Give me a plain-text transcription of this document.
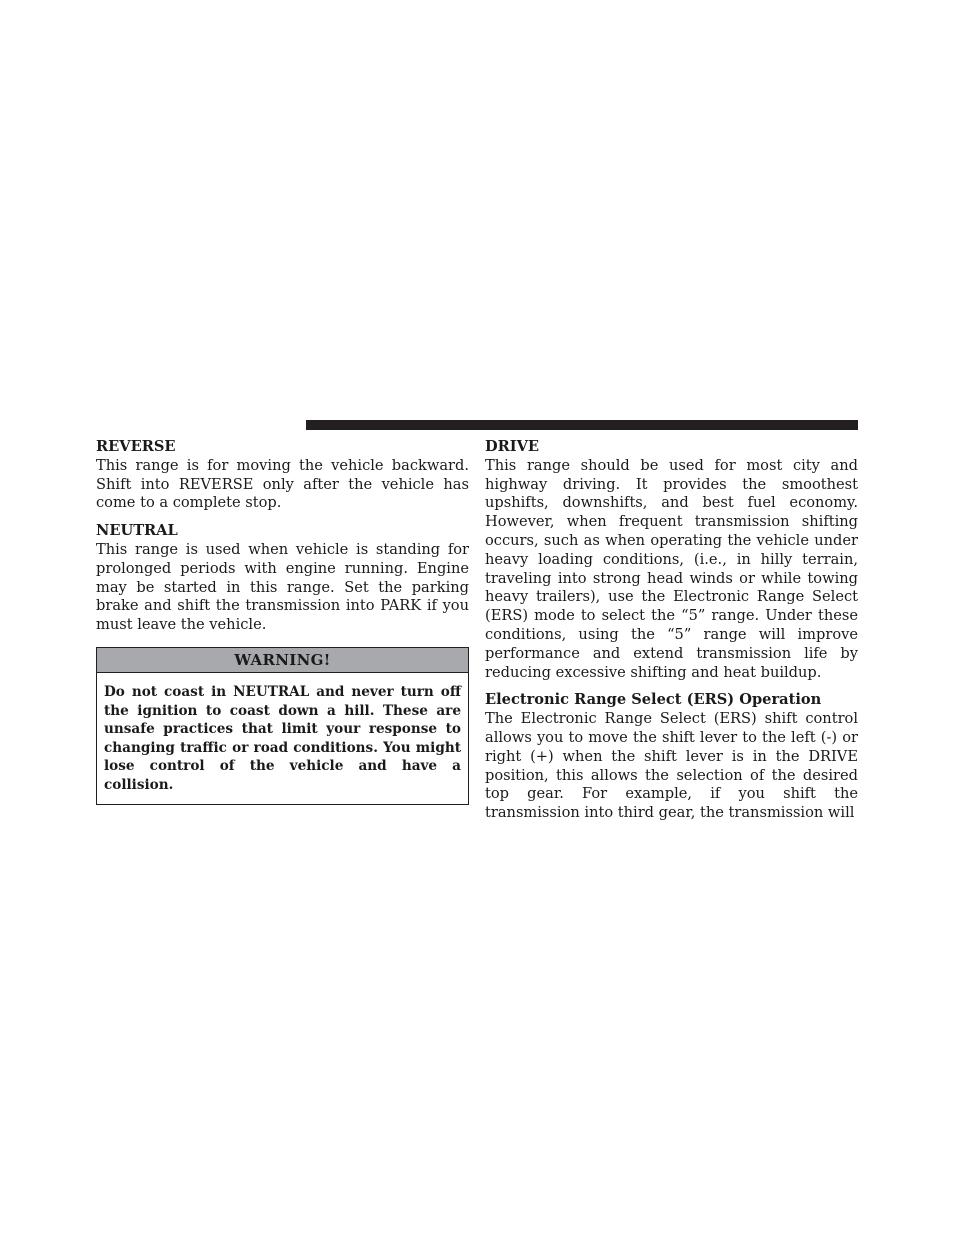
REVERSE

This range is for moving the vehicle backward. Shift into REVERSE only after the vehicle has come to a complete stop.

NEUTRAL

This range is used when vehicle is standing for prolonged periods with engine running. Engine may be started in this range. Set the parking brake and shift the transmission into PARK if you must leave the vehicle.

WARNING!
Do not coast in NEUTRAL and never turn off the ignition to coast down a hill. These are unsafe practices that limit your response to changing traffic or road conditions. You might lose control of the vehicle and have a collision.

DRIVE

This range should be used for most city and highway driving. It provides the smoothest upshifts, downshifts, and best fuel economy. However, when frequent transmission shifting occurs, such as when operating the vehicle under heavy loading conditions, (i.e., in hilly terrain, traveling into strong head winds or while towing heavy trailers), use the Electronic Range Select (ERS) mode to select the “5” range. Under these conditions, using the “5” range will improve performance and extend transmission life by reducing excessive shifting and heat buildup.

Electronic Range Select (ERS) Operation

The Electronic Range Select (ERS) shift control allows you to move the shift lever to the left (-) or right (+) when the shift lever is in the DRIVE position, this allows the selection of the desired top gear. For example, if you shift the transmission into third gear, the transmission will
